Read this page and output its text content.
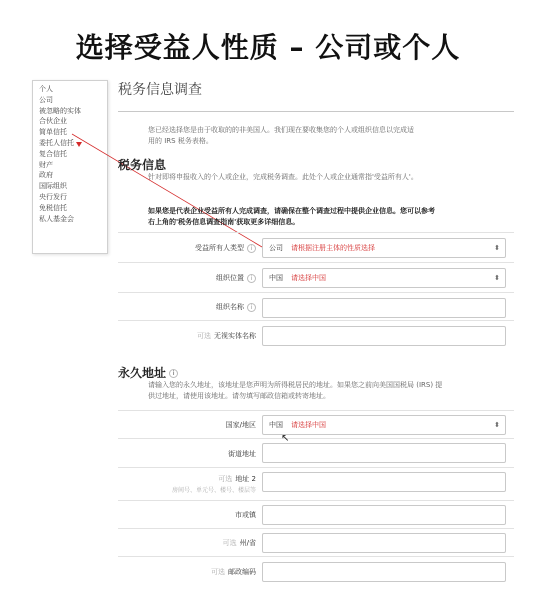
选择受益人性质 – 公司或个人
个人
公司
被忽略的实体
合伙企业
简单信托
委托人信托
复合信托
财产
政府
国际组织
央行发行
免税信托
私人基金会
税务信息调查
您已经选择您是由于收取的的非美国人。我们现在要收集您的个人或组织信息以完成适用的 IRS 税务表格。
税务信息
针对即将申报收入的个人或企业，完成税务调查。此处个人或企业通常指'受益所有人'。
如果您是代表企业受益所有人完成调查，请确保在整个调查过程中提供企业信息。您可以参考右上角的'税务信息调查指南'获取更多详细信息。
受益所有人类型 i	公司 请根据注册主体的性质选择	⬍
组织位置 i	中国 请选择中国	⬍
组织名称 i
可选 无视实体名称
永久地址 i
请输入您的永久地址，该地址是您声明为所得税居民的地址。如果您之前向美国国税局 (IRS) 提供过地址，请使用该地址。请勿填写邮政信箱或转寄地址。
国家/地区	中国 请选择中国	⬍
街道地址
可选 地址 2
房间号、单元号、楼号、楼层等
市或镇
可选 州/省
可选 邮政编码
↖
